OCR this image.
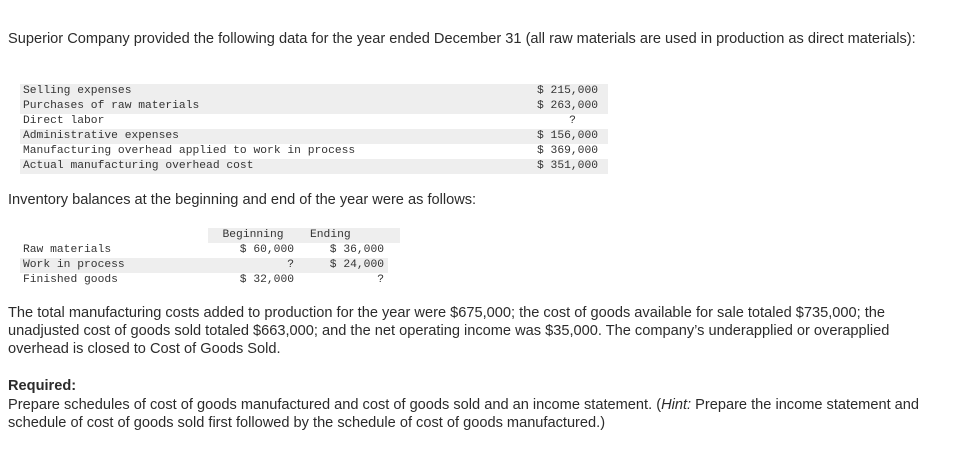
Superior Company provided the following data for the year ended December 31 (all raw materials are used in production as direct materials):

Selling expenses	$ 215,000
Purchases of raw materials	$ 263,000
Direct labor	?
Administrative expenses	$ 156,000
Manufacturing overhead applied to work in process	$ 369,000
Actual manufacturing overhead cost	$ 351,000

Inventory balances at the beginning and end of the year were as follows:

Beginning	Ending
Raw materials	$ 60,000	$ 36,000
Work in process	?	$ 24,000
Finished goods	$ 32,000	?

The total manufacturing costs added to production for the year were $675,000; the cost of goods available for sale totaled $735,000; the unadjusted cost of goods sold totaled $663,000; and the net operating income was $35,000. The company’s underapplied or overapplied overhead is closed to Cost of Goods Sold.

Required:

Prepare schedules of cost of goods manufactured and cost of goods sold and an income statement. (Hint: Prepare the income statement and schedule of cost of goods sold first followed by the schedule of cost of goods manufactured.)
